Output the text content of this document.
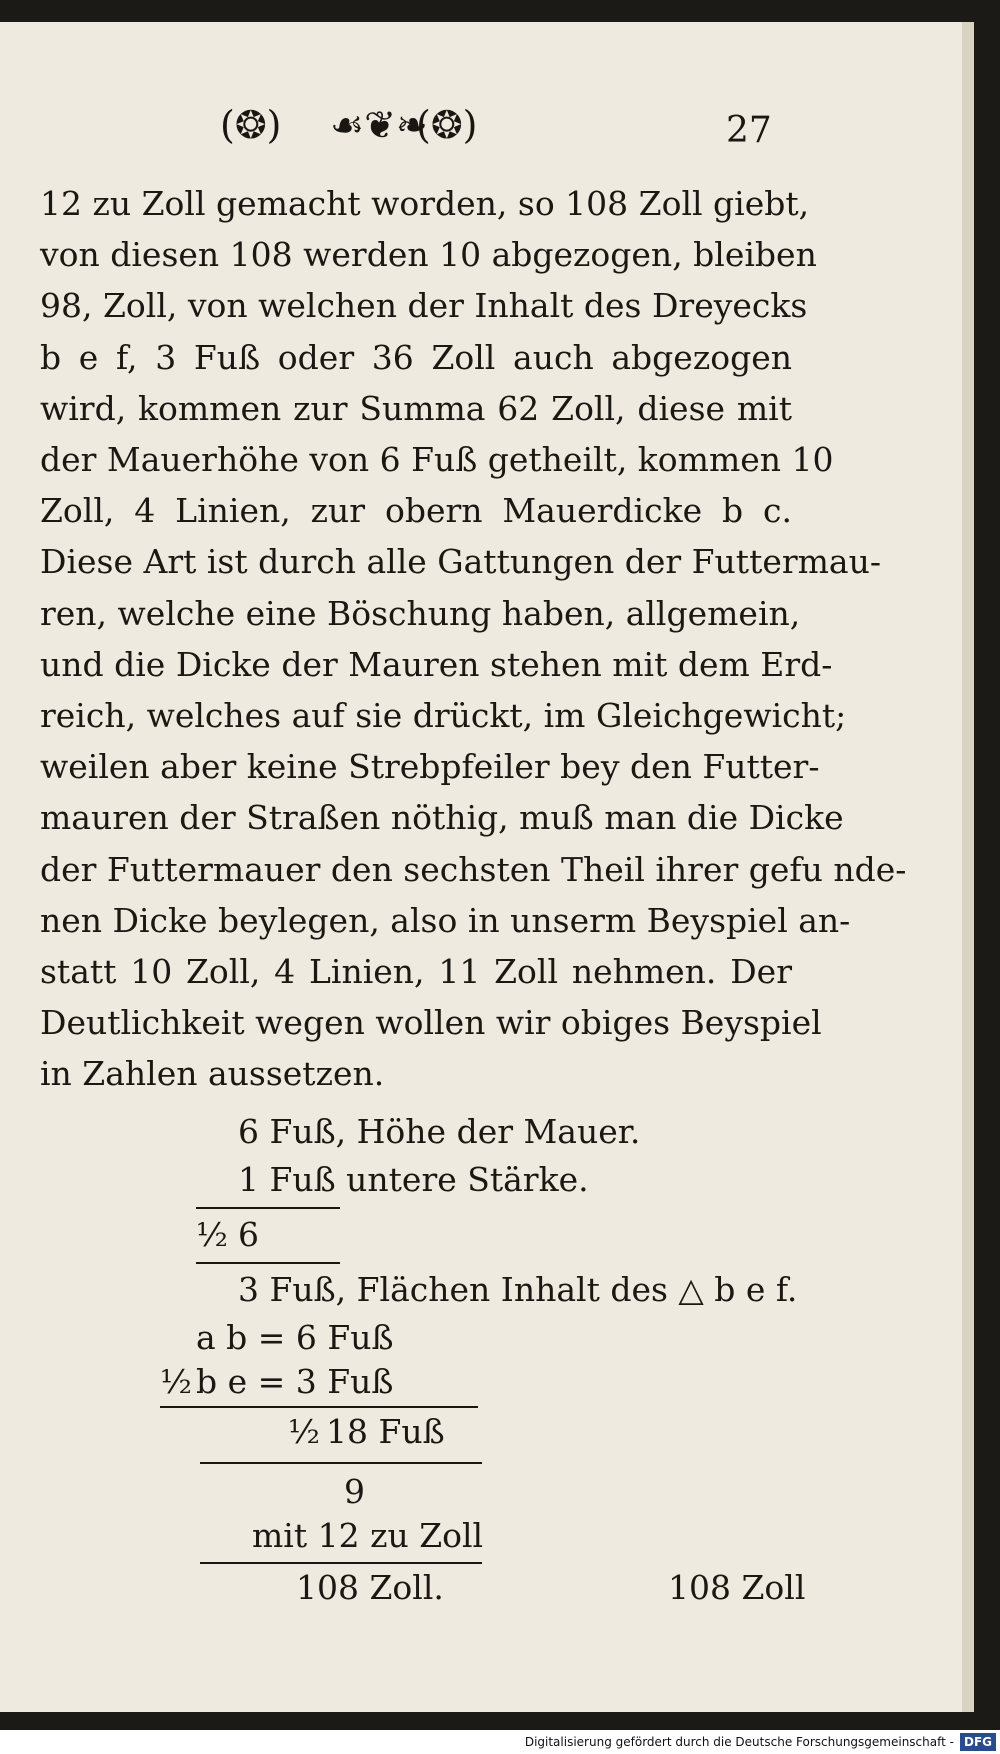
(❂) ☙❦❧
(❂)	27
12 zu Zoll gemacht worden, so 108 Zoll giebt,
von diesen 108 werden 10 abgezogen, bleiben
98, Zoll, von welchen der Inhalt des Dreyecks
b e f, 3 Fuß oder 36 Zoll auch abgezogen
wird, kommen zur Summa 62 Zoll, diese mit
der Mauerhöhe von 6 Fuß getheilt, kommen 10
Zoll, 4 Linien, zur obern Mauerdicke b c.
Diese Art ist durch alle Gattungen der Futtermau-
ren, welche eine Böschung haben, allgemein,
und die Dicke der Mauren stehen mit dem Erd-
reich, welches auf sie drückt, im Gleichgewicht;
weilen aber keine Strebpfeiler bey den Futter-
mauren der Straßen nöthig, muß man die Dicke
der Futtermauer den sechsten Theil ihrer gefu nde-
nen Dicke beylegen, also in unserm Beyspiel an-
statt 10 Zoll, 4 Linien, 11 Zoll nehmen. Der
Deutlichkeit wegen wollen wir obiges Beyspiel
in Zahlen aussetzen.
6 Fuß, Höhe der Mauer.
1 Fuß untere Stärke.
½ 6
3 Fuß, Flächen Inhalt des △ b e f.
a b = 6 Fuß
½ b e = 3 Fuß
½ 18 Fuß
9
mit 12 zu Zoll
108 Zoll.	108 Zoll
Digitalisierung gefördert durch die Deutsche Forschungsgemeinschaft - DFG
